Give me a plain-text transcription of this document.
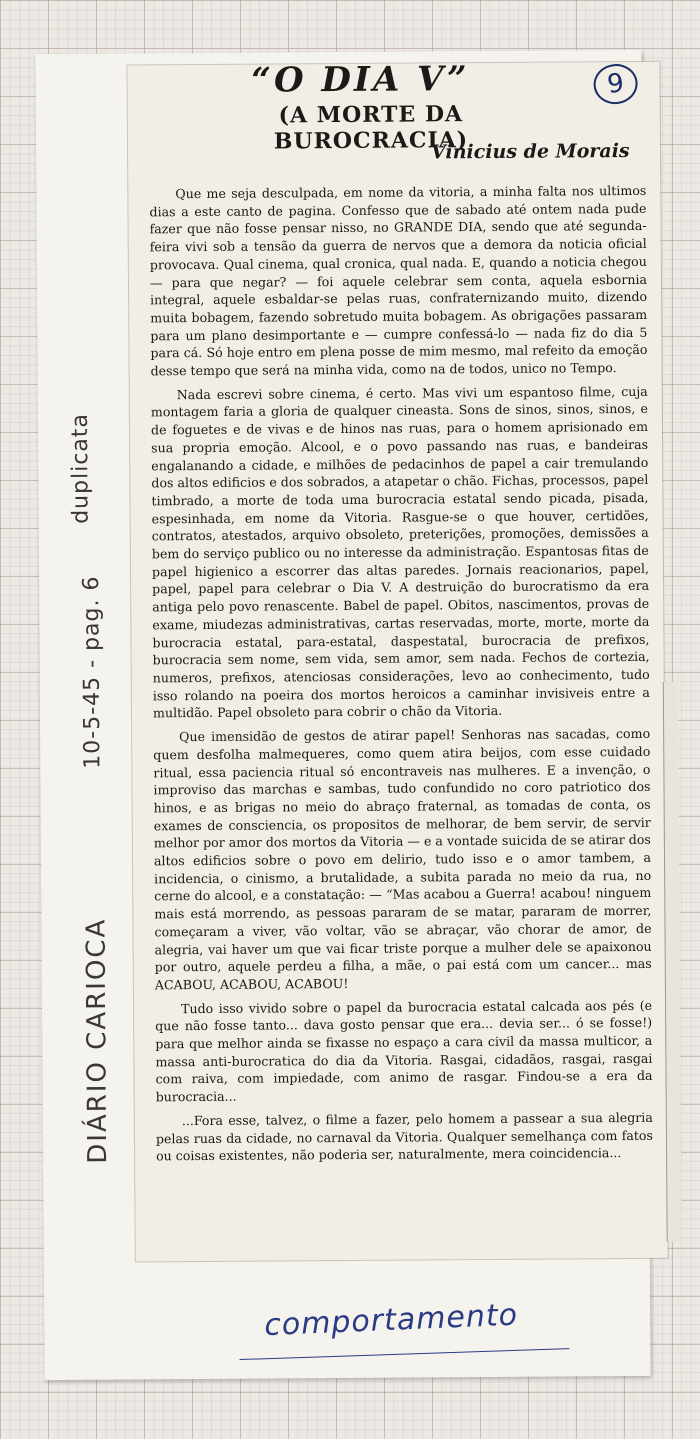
duplicata
10-5-45 - pag. 6
DIÁRIO CARIOCA
“O DIA V”
(A MORTE DA BUROCRACIA)
Vinicius de Morais
9

Que me seja desculpada, em nome da vitoria, a minha falta nos ultimos dias a este canto de pagina. Confesso que de sabado até ontem nada pude fazer que não fosse pensar nisso, no GRANDE DIA, sendo que até segunda-feira vivi sob a tensão da guerra de nervos que a demora da noticia oficial provocava. Qual cinema, qual cronica, qual nada. E, quando a noticia chegou — para que negar? — foi aquele celebrar sem conta, aquela esbornia integral, aquele esbaldar-se pelas ruas, confraternizando muito, dizendo muita bobagem, fazendo sobretudo muita bobagem. As obrigações passaram para um plano desimportante e — cumpre confessá-lo — nada fiz do dia 5 para cá. Só hoje entro em plena posse de mim mesmo, mal refeito da emoção desse tempo que será na minha vida, como na de todos, unico no Tempo.

Nada escrevi sobre cinema, é certo. Mas vivi um espantoso filme, cuja montagem faria a gloria de qualquer cineasta. Sons de sinos, sinos, sinos, e de foguetes e de vivas e de hinos nas ruas, para o homem aprisionado em sua propria emoção. Alcool, e o povo passando nas ruas, e bandeiras engalanando a cidade, e milhões de pedacinhos de papel a cair tremulando dos altos edificios e dos sobrados, a atapetar o chão. Fichas, processos, papel timbrado, a morte de toda uma burocracia estatal sendo picada, pisada, espesinhada, em nome da Vitoria. Rasgue-se o que houver, certidões, contratos, atestados, arquivo obsoleto, preterições, promoções, demissões a bem do serviço publico ou no interesse da administração. Espantosas fitas de papel higienico a escorrer das altas paredes. Jornais reacionarios, papel, papel, papel para celebrar o Dia V. A destruição do burocratismo da era antiga pelo povo renascente. Babel de papel. Obitos, nascimentos, provas de exame, miudezas administrativas, cartas reservadas, morte, morte, morte da burocracia estatal, para-estatal, daspestatal, burocracia de prefixos, burocracia sem nome, sem vida, sem amor, sem nada. Fechos de cortezia, numeros, prefixos, atenciosas considerações, levo ao conhecimento, tudo isso rolando na poeira dos mortos heroicos a caminhar invisiveis entre a multidão. Papel obsoleto para cobrir o chão da Vitoria.

Que imensidão de gestos de atirar papel! Senhoras nas sacadas, como quem desfolha malmequeres, como quem atira beijos, com esse cuidado ritual, essa paciencia ritual só encontraveis nas mulheres. E a invenção, o improviso das marchas e sambas, tudo confundido no coro patriotico dos hinos, e as brigas no meio do abraço fraternal, as tomadas de conta, os exames de consciencia, os propositos de melhorar, de bem servir, de servir melhor por amor dos mortos da Vitoria — e a vontade suicida de se atirar dos altos edificios sobre o povo em delirio, tudo isso e o amor tambem, a incidencia, o cinismo, a brutalidade, a subita parada no meio da rua, no cerne do alcool, e a constatação: — “Mas acabou a Guerra! acabou! ninguem mais está morrendo, as pessoas pararam de se matar, pararam de morrer, começaram a viver, vão voltar, vão se abraçar, vão chorar de amor, de alegria, vai haver um que vai ficar triste porque a mulher dele se apaixonou por outro, aquele perdeu a filha, a mãe, o pai está com um cancer... mas ACABOU, ACABOU, ACABOU!

Tudo isso vivido sobre o papel da burocracia estatal calcada aos pés (e que não fosse tanto... dava gosto pensar que era... devia ser... ó se fosse!) para que melhor ainda se fixasse no espaço a cara civil da massa multicor, a massa anti-burocratica do dia da Vitoria. Rasgai, cidadãos, rasgai, rasgai com raiva, com impiedade, com animo de rasgar. Findou-se a era da burocracia...

...Fora esse, talvez, o filme a fazer, pelo homem a passear a sua alegria pelas ruas da cidade, no carnaval da Vitoria. Qualquer semelhança com fatos ou coisas existentes, não poderia ser, naturalmente, mera coincidencia...

comportamento
